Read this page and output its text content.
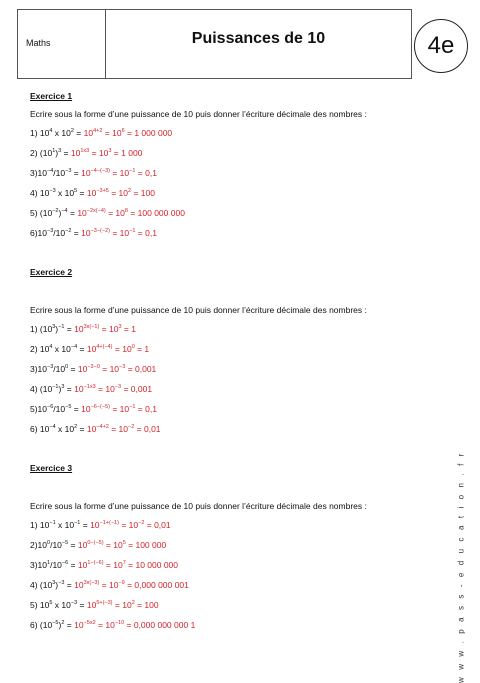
Maths	Puissances de 10	4e
w w w . p a s s - e d u c a t i o n . f r

Exercice 1

Ecrire sous la forme d’une puissance de 10 puis donner l’écriture décimale des nombres :

1) $10^4$ x $10^2 = 10^{4+2} = 10^6 = 1$ 000 000
2) $(10^1)^3 = 10^{1x3} = 10^3 = 1$ 000
$3)10^{-4}/10^{-3} = 10^{-4-(-3)} = 10^{-1} = 0,1$
4) $10^{-3}$ x $10^5 = 10^{-3+5} = 10^2 = 100$
5) $(10^{-2})^{-4} = 10^{-2x(-4)} = 10^8 = 100$ 000 000
$6)10^{-3}/10^{-2} = 10^{-3-(-2)} = 10^{-1} = 0,1$

Exercice 2

Ecrire sous la forme d’une puissance de 10 puis donner l’écriture décimale des nombres :

1) $(10^3)^{-1} = 10^{3x(-1)} = 10^3 = 1$
2) $10^4$ x $10^{-4} = 10^{4+(-4)} = 10^0 = 1$
$3)10^{-3}/10^0 = 10^{-3-0} = 10^{-3} = 0,001$
4) $(10^{-1})^3 = 10^{-1x3} = 10^{-3} = 0,001$
$5)10^{-6}/10^{-5} = 10^{-6-(-5)} = 10^{-1} = 0,1$
6) $10^{-4}$ x $10^2 = 10^{-4+2} = 10^{-2} = 0,01$

Exercice 3

Ecrire sous la forme d’une puissance de 10 puis donner l’écriture décimale des nombres :

1) $10^{-1}$ x $10^{-1} = 10^{-1+(-1)} = 10^{-2} = 0,01$
$2)10^0/10^{-5} = 10^{0-(-5)} = 10^5 = 100$ 000
$3)10^1/10^{-6} = 10^{1-(-6)} = 10^7 = 10$ 000 000
4) $(10^3)^{-3} = 10^{3x(-3)} = 10^{-9} = 0,000$ 000 001
5) $10^5$ x $10^{-3} = 10^{5+(-3)} = 10^2 = 100$
6) $(10^{-5})^2 = 10^{-5x2} = 10^{-10} = 0,000$ 000 000 1
